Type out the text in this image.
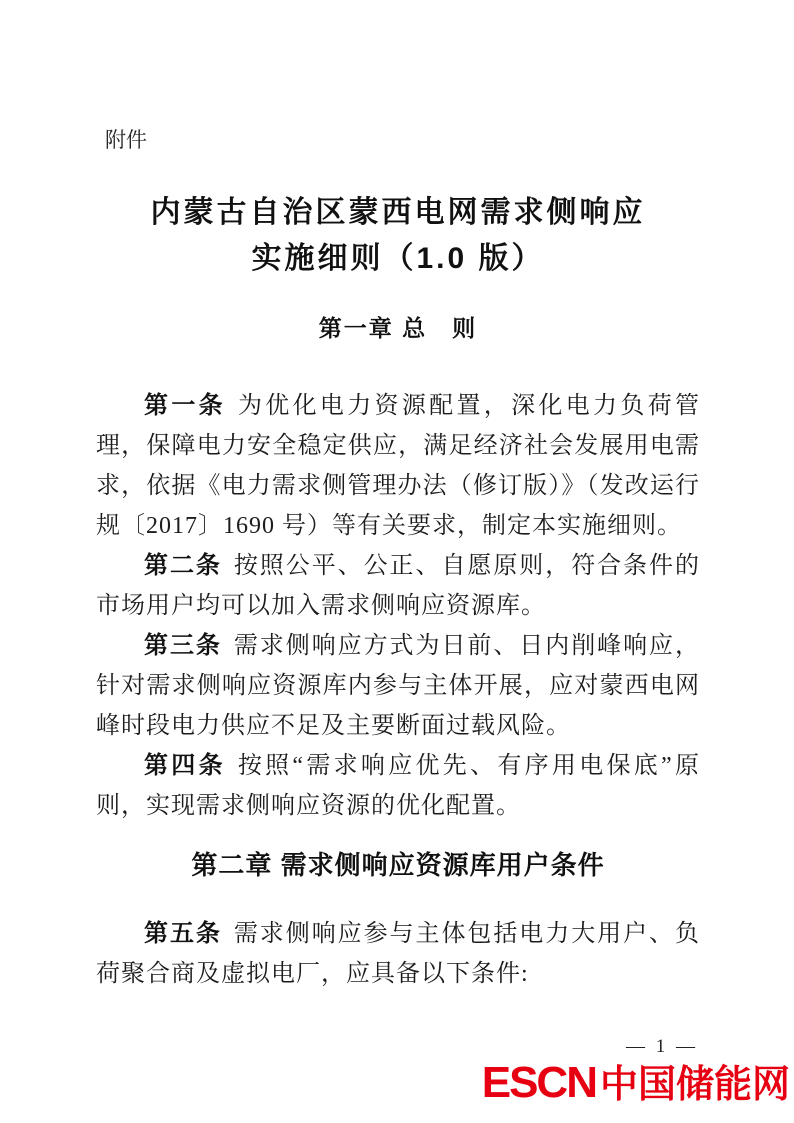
附件
内蒙古自治区蒙西电网需求侧响应
实施细则（1.0 版）
第一章 总　则

第一条 为优化电力资源配置，深化电力负荷管理，保障电力安全稳定供应，满足经济社会发展用电需求，依据《电力需求侧管理办法（修订版）》（发改运行规〔2017〕1690 号）等有关要求，制定本实施细则。

第二条 按照公平、公正、自愿原则，符合条件的市场用户均可以加入需求侧响应资源库。

第三条 需求侧响应方式为日前、日内削峰响应，针对需求侧响应资源库内参与主体开展，应对蒙西电网峰时段电力供应不足及主要断面过载风险。

第四条 按照“需求响应优先、有序用电保底”原则，实现需求侧响应资源的优化配置。

第二章 需求侧响应资源库用户条件

第五条 需求侧响应参与主体包括电力大用户、负荷聚合商及虚拟电厂，应具备以下条件:

— 1 —
ESCN 中国储能网
